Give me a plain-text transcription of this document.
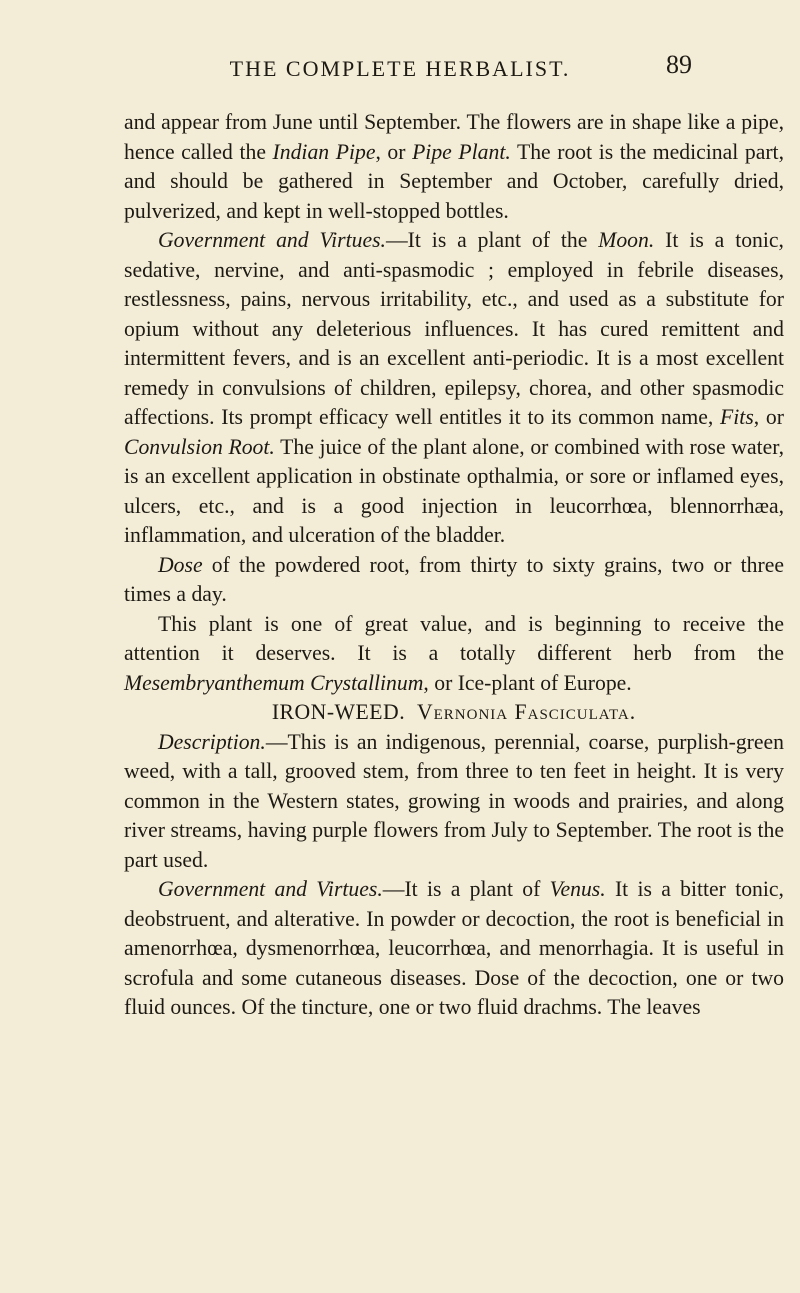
THE COMPLETE HERBALIST.	89

and appear from June until September. The flowers are in shape like a pipe, hence called the Indian Pipe, or Pipe Plant. The root is the medicinal part, and should be gathered in September and October, carefully dried, pulverized, and kept in well-stopped bottles.

Government and Virtues.—It is a plant of the Moon. It is a tonic, sedative, nervine, and anti-spasmodic ; employed in febrile diseases, restlessness, pains, nervous irritability, etc., and used as a substitute for opium without any deleterious influences. It has cured remittent and intermittent fevers, and is an excellent anti-periodic. It is a most excellent remedy in convulsions of children, epilepsy, chorea, and other spasmodic affections. Its prompt efficacy well entitles it to its common name, Fits, or Convulsion Root. The juice of the plant alone, or combined with rose water, is an excellent application in obstinate opthalmia, or sore or inflamed eyes, ulcers, etc., and is a good injection in leucorrhœa, blennorrhæa, inflammation, and ulceration of the bladder.

Dose of the powdered root, from thirty to sixty grains, two or three times a day.

This plant is one of great value, and is beginning to receive the attention it deserves. It is a totally different herb from the Mesembryanthemum Crystallinum, or Ice-plant of Europe.

IRON-WEED. Vernonia Fasciculata.

Description.—This is an indigenous, perennial, coarse, purplish-green weed, with a tall, grooved stem, from three to ten feet in height. It is very common in the Western states, growing in woods and prairies, and along river streams, having purple flowers from July to September. The root is the part used.

Government and Virtues.—It is a plant of Venus. It is a bitter tonic, deobstruent, and alterative. In powder or decoction, the root is beneficial in amenorrhœa, dysmenorrhœa, leucorrhœa, and menorrhagia. It is useful in scrofula and some cutaneous diseases. Dose of the decoction, one or two fluid ounces. Of the tincture, one or two fluid drachms. The leaves
